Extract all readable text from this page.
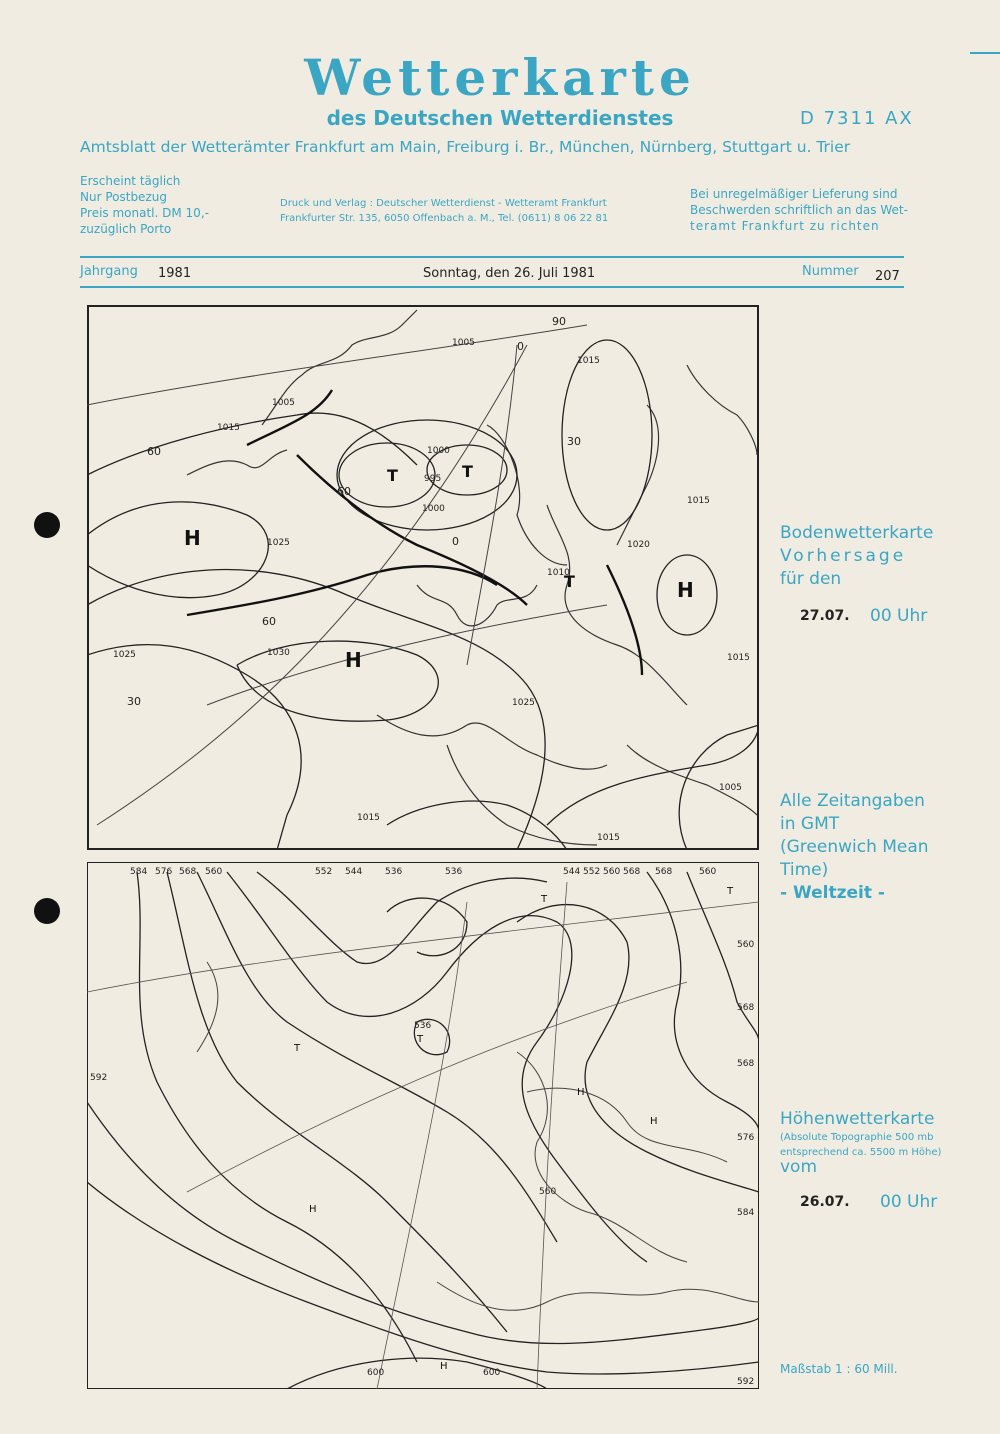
Wetterkarte
des Deutschen Wetterdienstes	D 7311 AX
Amtsblatt der Wetterämter Frankfurt am Main, Freiburg i. Br., München, Nürnberg, Stuttgart u. Trier
Erscheint täglich
Nur Postbezug
Preis monatl. DM 10,-
zuzüglich Porto
Druck und Verlag : Deutscher Wetterdienst - Wetteramt Frankfurt
Frankfurter Str. 135, 6050 Offenbach a. M., Tel. (0611) 8 06 22 81
Bei unregelmäßiger Lieferung sind
Beschwerden schriftlich an das Wet-
teramt Frankfurt zu richten
Jahrgang 1981	Sonntag, den 26. Juli 1981	Nummer 207
1005
1000
995
1000
1015
1015
1025
1025	1030
1020
1010
1015
1025
1005
1015
1015
1015
1005
H
H
H
T	T
T
60
30
60
30
90
60
0
0	Bodenwetterkarte
Vorhersage
für den
27.07. 00 Uhr
Alle Zeitangaben
in GMT
(Greenwich Mean
Time)
- Weltzeit -
584 576 568 560	552 544	536	536	544 552 560 568 568	560
560
568
568
576
584
592
592
536
560
600	600
T
T
T
T
H
H
H
H
Höhenwetterkarte
(Absolute Topographie 500 mb
entsprechend ca. 5500 m Höhe)
vom
26.07. 00 Uhr
Maßstab 1 : 60 Mill.
